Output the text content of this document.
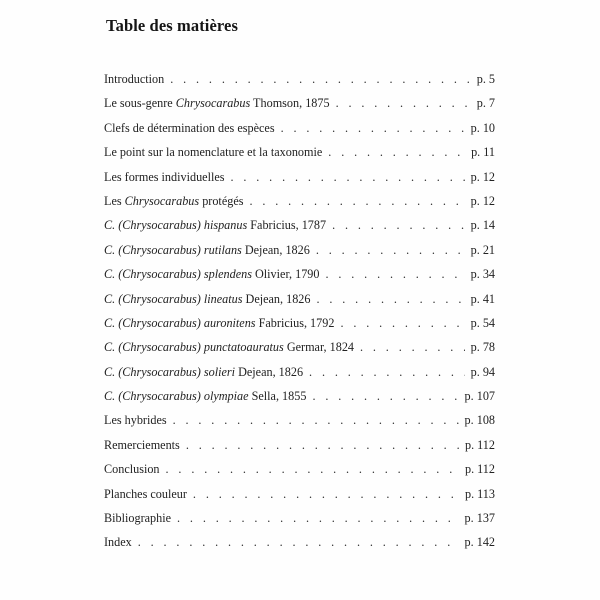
Table des matières
Introduction . . .	p. 5
Le sous-genre Chrysocarabus Thomson, 1875 . . .	p. 7
Clefs de détermination des espèces . . .	p. 10
Le point sur la nomenclature et la taxonomie . . .	p. 11
Les formes individuelles . . .	p. 12
Les Chrysocarabus protégés . . .	p. 12
C. (Chrysocarabus) hispanus Fabricius, 1787 . . .	p. 14
C. (Chrysocarabus) rutilans Dejean, 1826 . . .	p. 21
C. (Chrysocarabus) splendens Olivier, 1790 . . .	p. 34
C. (Chrysocarabus) lineatus Dejean, 1826 . . .	p. 41
C. (Chrysocarabus) auronitens Fabricius, 1792 . . .	p. 54
C. (Chrysocarabus) punctatoauratus Germar, 1824 . . .	p. 78
C. (Chrysocarabus) solieri Dejean, 1826 . . .	p. 94
C. (Chrysocarabus) olympiae Sella, 1855 . . .	p. 107
Les hybrides . . .	p. 108
Remerciements . . .	p. 112
Conclusion . . .	p. 112
Planches couleur . . .	p. 113
Bibliographie . . .	p. 137
Index . . .	p. 142
